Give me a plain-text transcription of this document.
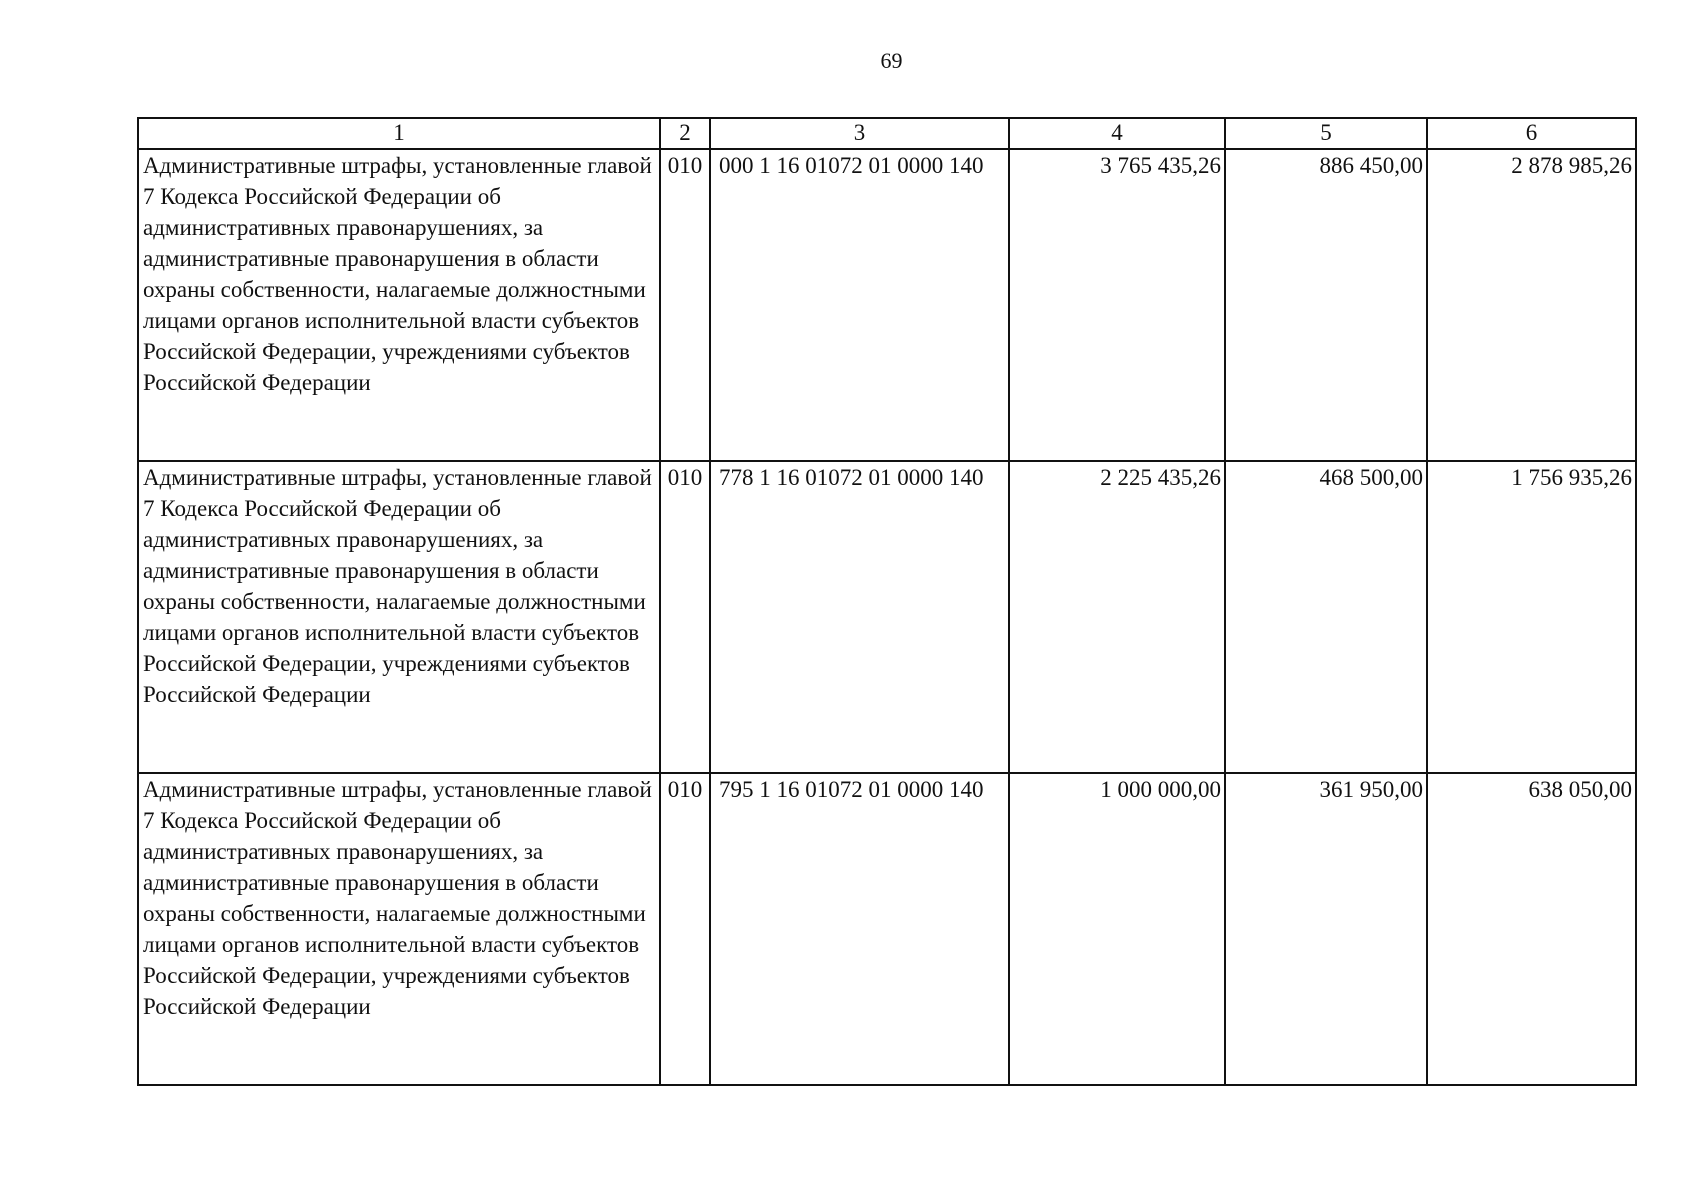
69
1	2	3	4	5	6
Административные штрафы, установленные главой 7 Кодекса Российской Федерации об административных правонарушениях, за административные правонарушения в области охраны собственности, налагаемые должностными лицами органов исполнительной власти субъектов Российской Федерации, учреждениями субъектов Российской Федерации	010	000 1 16 01072 01 0000 140	3 765 435,26	886 450,00	2 878 985,26
Административные штрафы, установленные главой 7 Кодекса Российской Федерации об административных правонарушениях, за административные правонарушения в области охраны собственности, налагаемые должностными лицами органов исполнительной власти субъектов Российской Федерации, учреждениями субъектов Российской Федерации	010	778 1 16 01072 01 0000 140	2 225 435,26	468 500,00	1 756 935,26
Административные штрафы, установленные главой 7 Кодекса Российской Федерации об административных правонарушениях, за административные правонарушения в области охраны собственности, налагаемые должностными лицами органов исполнительной власти субъектов Российской Федерации, учреждениями субъектов Российской Федерации	010	795 1 16 01072 01 0000 140	1 000 000,00	361 950,00	638 050,00
